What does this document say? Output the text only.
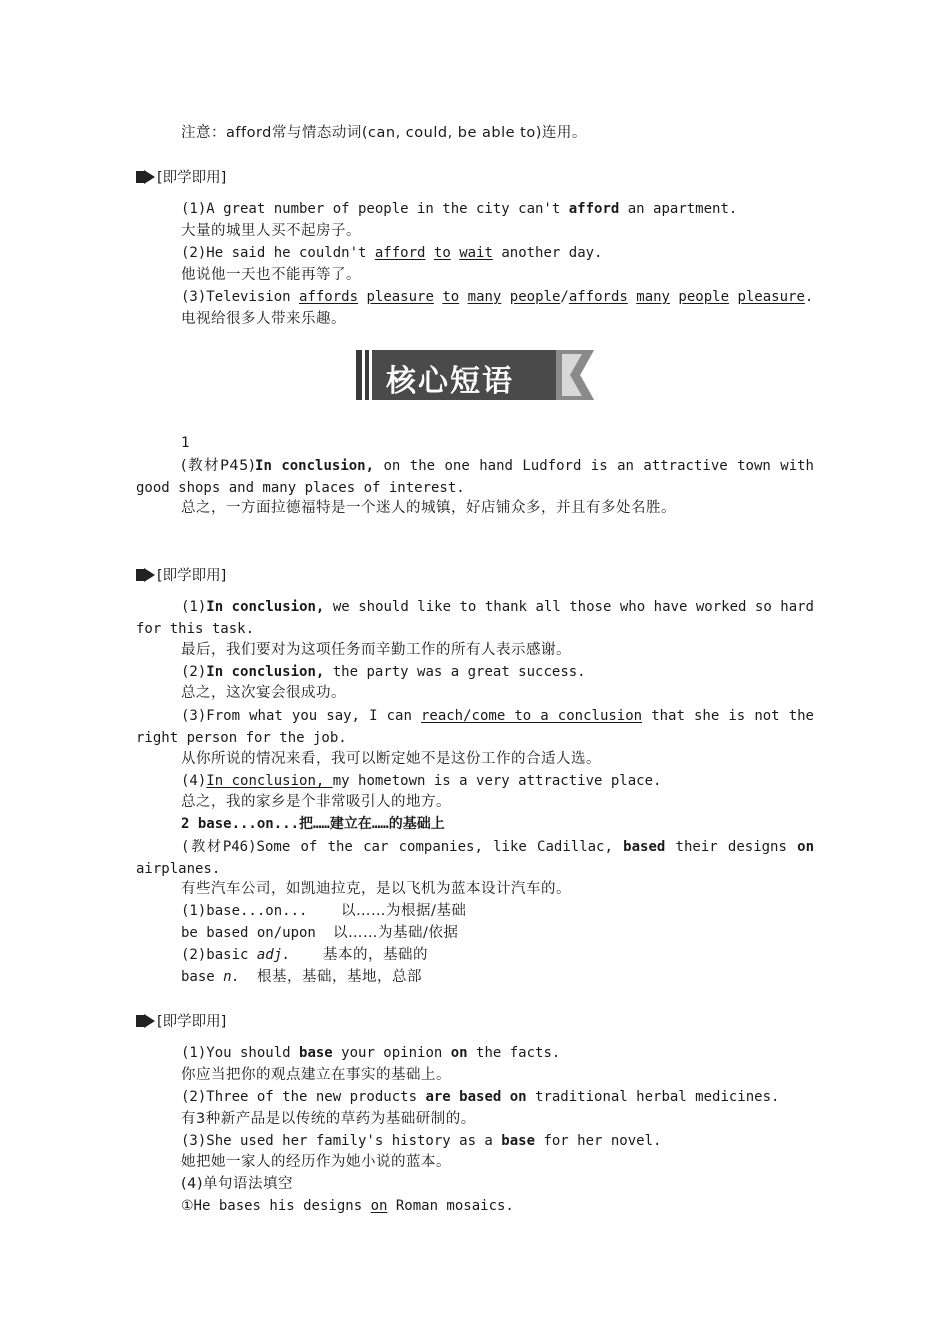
注意：afford常与情态动词(can, could, be able to)连用。
[即学即用]
(1)A great number of people in the city can't afford an apartment.
大量的城里人买不起房子。
(2)He said he couldn't afford to wait another day.
他说他一天也不能再等了。
(3)Television affords pleasure to many people/affords many people pleasure.
电视给很多人带来乐趣。
核心短语
1
(教材P45)In conclusion, on the one hand Ludford is an attractive town with good shops and many places of interest.
总之，一方面拉德福特是一个迷人的城镇，好店铺众多，并且有多处名胜。
[即学即用]
(1)In conclusion, we should like to thank all those who have worked so hard for this task.
最后，我们要对为这项任务而辛勤工作的所有人表示感谢。
(2)In conclusion, the party was a great success.
总之，这次宴会很成功。
(3)From what you say, I can reach/come to a conclusion that she is not the right person for the job.
从你所说的情况来看，我可以断定她不是这份工作的合适人选。
(4)In conclusion, my hometown is a very attractive place.
总之，我的家乡是个非常吸引人的地方。
2 base...on...把……建立在……的基础上
(教材P46)Some of the car companies, like Cadillac, based their designs on airplanes.
有些汽车公司，如凯迪拉克，是以飞机为蓝本设计汽车的。
(1)base...on... 以……为根据/基础
be based on/upon 以……为基础/依据
(2)basic adj. 基本的，基础的
base n. 根基，基础，基地，总部
[即学即用]
(1)You should base your opinion on the facts.
你应当把你的观点建立在事实的基础上。
(2)Three of the new products are based on traditional herbal medicines.
有3种新产品是以传统的草药为基础研制的。
(3)She used her family's history as a base for her novel.
她把她一家人的经历作为她小说的蓝本。
(4)单句语法填空
①He bases his designs on Roman mosaics.
